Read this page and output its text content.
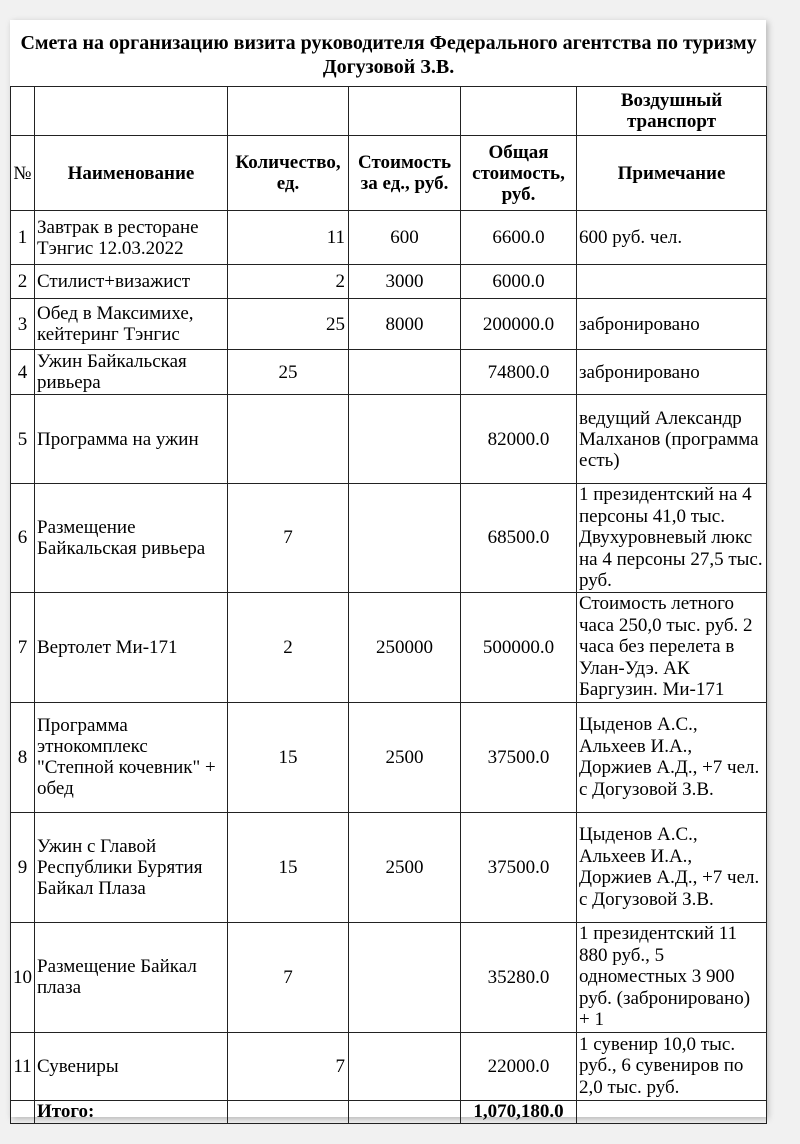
Смета на организацию визита руководителя Федерального агентства по туризму Догузовой З.В.					
					Воздушный транспорт
№	Наименование	Количество, ед.	Стоимость за ед., руб.	Общая стоимость, руб.	Примечание
1	Завтрак в ресторане Тэнгис 12.03.2022	11	600	6600.0	600 руб. чел.
2	Стилист+визажист	2	3000	6000.0	
3	Обед в Максимихе, кейтеринг Тэнгис	25	8000	200000.0	забронировано
4	Ужин Байкальская ривьера	25		74800.0	забронировано
5	Программа на ужин			82000.0	ведущий Александр Малханов (программа есть)
6	Размещение Байкальская ривьера	7		68500.0	1 президентский на 4 персоны 41,0 тыс. Двухуровневый люкс на 4 персоны 27,5 тыс. руб.
7	Вертолет Ми-171	2	250000	500000.0	Стоимость летного часа 250,0 тыс. руб. 2 часа без перелета в Улан-Удэ. АК Баргузин. Ми-171
8	Программа этнокомплекс "Степной кочевник" + обед	15	2500	37500.0	Цыденов А.С., Альхеев И.А., Доржиев А.Д., +7 чел. с Догузовой З.В.
9	Ужин с Главой Республики Бурятия Байкал Плаза	15	2500	37500.0	Цыденов А.С., Альхеев И.А., Доржиев А.Д., +7 чел. с Догузовой З.В.
10	Размещение Байкал плаза	7		35280.0	1 президентский 11 880 руб., 5 одноместных 3 900 руб. (забронировано) + 1
11	Сувениры	7		22000.0	1 сувенир 10,0 тыс. руб., 6 сувениров по 2,0 тыс. руб.
	Итого:			1,070,180.0	
